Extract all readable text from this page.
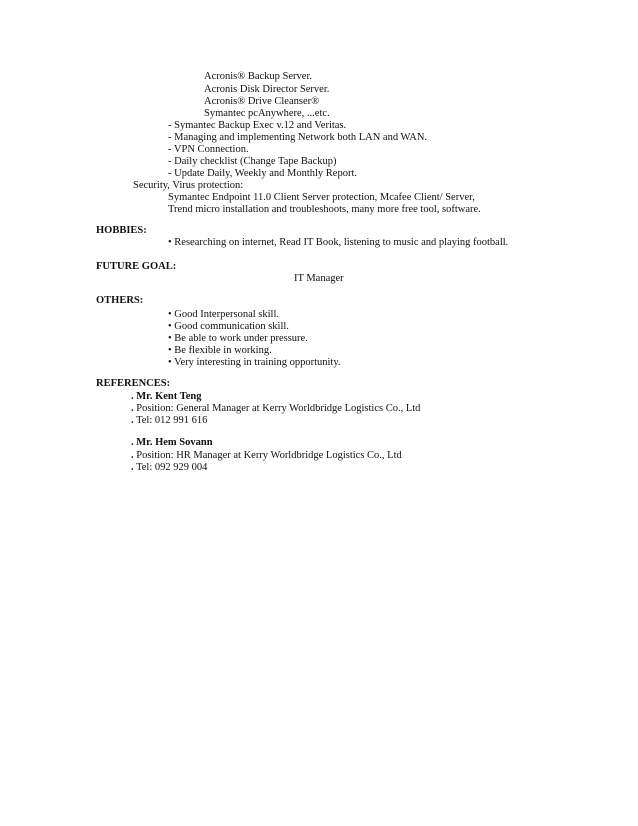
Acronis® Backup Server.
Acronis Disk Director Server.
Acronis® Drive Cleanser®
Symantec pcAnywhere, ...etc.
- Symantec Backup Exec v.12 and Veritas.
- Managing and implementing Network both LAN and WAN.
- VPN Connection.
- Daily checklist (Change Tape Backup)
- Update Daily, Weekly and Monthly Report.
Security, Virus protection:
Symantec Endpoint 11.0 Client Server protection, Mcafee Client/ Server,
Trend micro installation and troubleshoots, many more free tool, software.
HOBBIES:
• Researching on internet, Read IT Book, listening to music and playing football.
FUTURE GOAL:
IT Manager
OTHERS:
• Good Interpersonal skill.
• Good communication skill.
• Be able to work under pressure.
• Be flexible in working.
• Very interesting in training opportunity.
REFERENCES:
. Mr. Kent Teng
. Position: General Manager at Kerry Worldbridge Logistics Co., Ltd
. Tel: 012 991 616
. Mr. Hem Sovann
. Position: HR Manager at Kerry Worldbridge Logistics Co., Ltd
. Tel: 092 929 004
